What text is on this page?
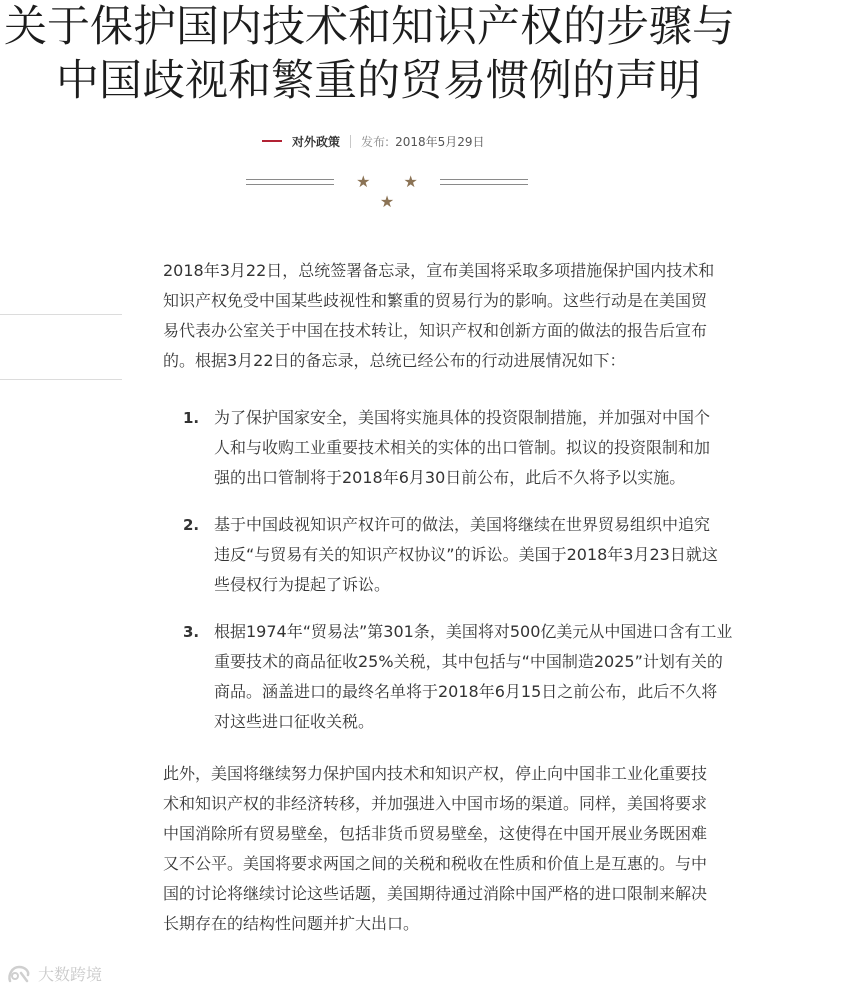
关于保护国内技术和知识产权的步骤与
中国歧视和繁重的贸易惯例的声明
对外政策 发布: 2018年5月29日
★ ★ ★
2018年3月22日，总统签署备忘录，宣布美国将采取多项措施保护国内技术和
知识产权免受中国某些歧视性和繁重的贸易行为的影响。这些行动是在美国贸
易代表办公室关于中国在技术转让，知识产权和创新方面的做法的报告后宣布
的。根据3月22日的备忘录，总统已经公布的行动进展情况如下：
1. 为了保护国家安全，美国将实施具体的投资限制措施，并加强对中国个
人和与收购工业重要技术相关的实体的出口管制。拟议的投资限制和加
强的出口管制将于2018年6月30日前公布，此后不久将予以实施。
2. 基于中国歧视知识产权许可的做法，美国将继续在世界贸易组织中追究
违反“与贸易有关的知识产权协议”的诉讼。美国于2018年3月23日就这
些侵权行为提起了诉讼。
3. 根据1974年“贸易法”第301条，美国将对500亿美元从中国进口含有工业
重要技术的商品征收25%关税，其中包括与“中国制造2025”计划有关的
商品。涵盖进口的最终名单将于2018年6月15日之前公布，此后不久将
对这些进口征收关税。
此外，美国将继续努力保护国内技术和知识产权，停止向中国非工业化重要技
术和知识产权的非经济转移，并加强进入中国市场的渠道。同样，美国将要求
中国消除所有贸易壁垒，包括非货币贸易壁垒，这使得在中国开展业务既困难
又不公平。美国将要求两国之间的关税和税收在性质和价值上是互惠的。与中
国的讨论将继续讨论这些话题，美国期待通过消除中国严格的进口限制来解决
长期存在的结构性问题并扩大出口。
大数跨境
